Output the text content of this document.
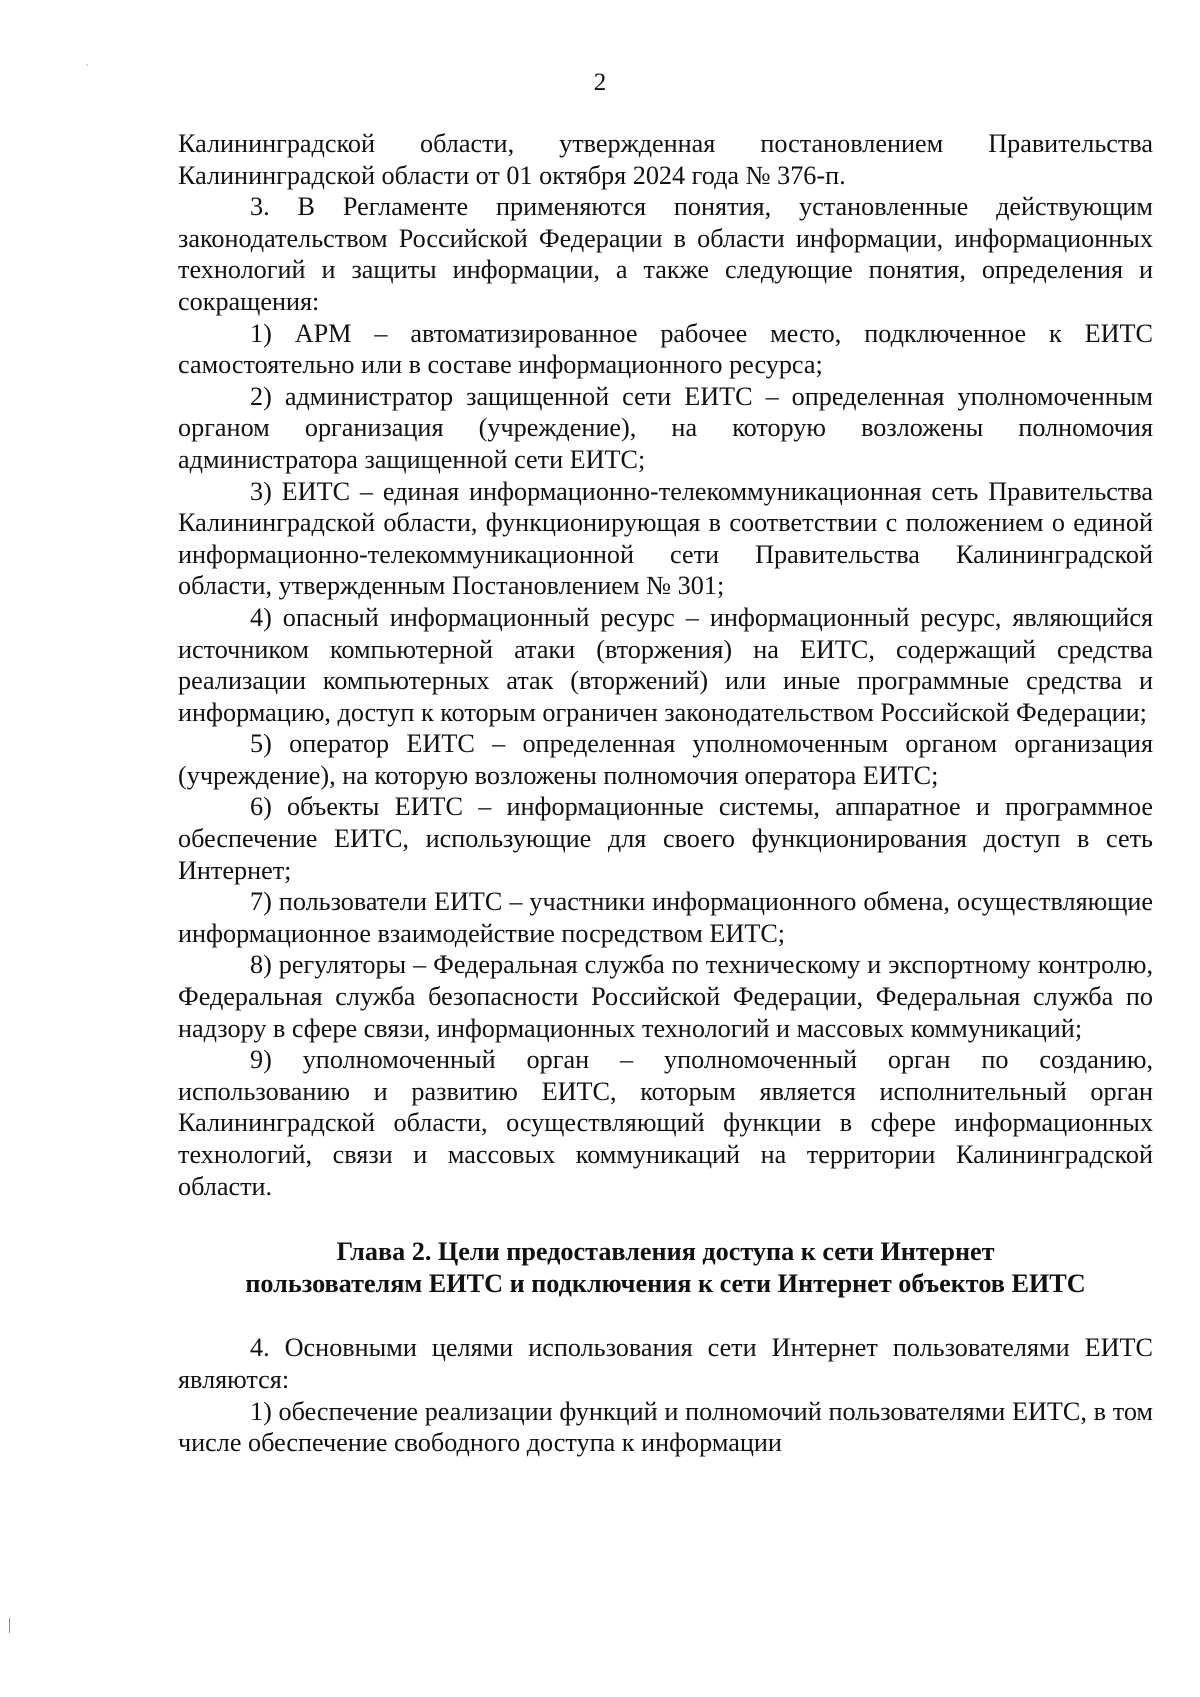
2

Калининградской области, утвержденная постановлением Правительства Калининградской области от 01 октября 2024 года № 376-п.

3. В Регламенте применяются понятия, установленные действующим законодательством Российской Федерации в области информации, информационных технологий и защиты информации, а также следующие понятия, определения и сокращения:

1) АРМ – автоматизированное рабочее место, подключенное к ЕИТС самостоятельно или в составе информационного ресурса;

2) администратор защищенной сети ЕИТС – определенная уполномоченным органом организация (учреждение), на которую возложены полномочия администратора защищенной сети ЕИТС;

3) ЕИТС – единая информационно-телекоммуникационная сеть Правительства Калининградской области, функционирующая в соответствии с положением о единой информационно-телекоммуникационной сети Правительства Калининградской области, утвержденным Постановлением № 301;

4) опасный информационный ресурс – информационный ресурс, являющийся источником компьютерной атаки (вторжения) на ЕИТС, содержащий средства реализации компьютерных атак (вторжений) или иные программные средства и информацию, доступ к которым ограничен законодательством Российской Федерации;

5) оператор ЕИТС – определенная уполномоченным органом организация (учреждение), на которую возложены полномочия оператора ЕИТС;

6) объекты ЕИТС – информационные системы, аппаратное и программное обеспечение ЕИТС, использующие для своего функционирования доступ в сеть Интернет;

7) пользователи ЕИТС – участники информационного обмена, осуществляющие информационное взаимодействие посредством ЕИТС;

8) регуляторы – Федеральная служба по техническому и экспортному контролю, Федеральная служба безопасности Российской Федерации, Федеральная служба по надзору в сфере связи, информационных технологий и массовых коммуникаций;

9) уполномоченный орган – уполномоченный орган по созданию, использованию и развитию ЕИТС, которым является исполнительный орган Калининградской области, осуществляющий функции в сфере информационных технологий, связи и массовых коммуникаций на территории Калининградской области.

Глава 2. Цели предоставления доступа к сети Интернет
пользователям ЕИТС и подключения к сети Интернет объектов ЕИТС

4. Основными целями использования сети Интернет пользователями ЕИТС являются:

1) обеспечение реализации функций и полномочий пользователями ЕИТС, в том числе обеспечение свободного доступа к информации
